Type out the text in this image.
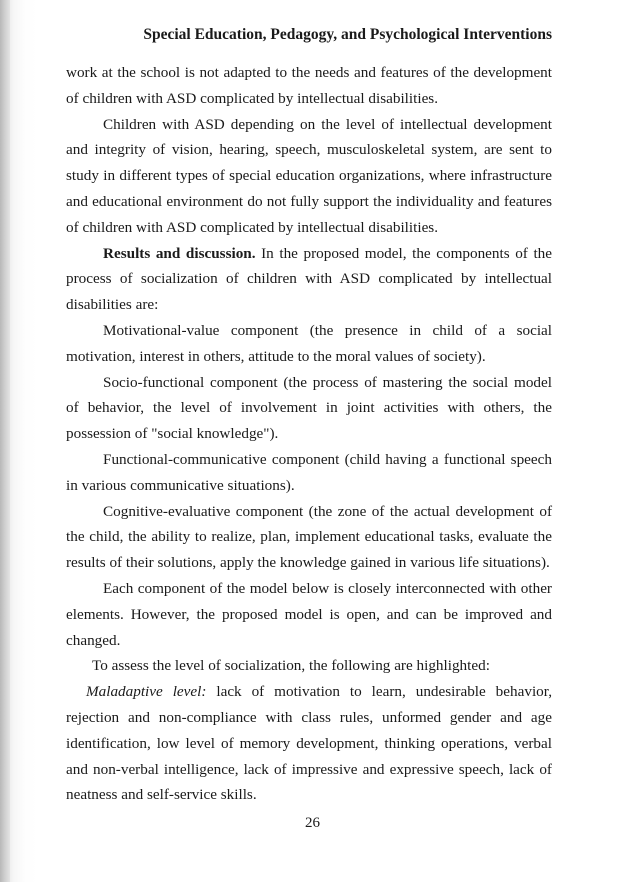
Special Education, Pedagogy, and Psychological Interventions

work at the school is not adapted to the needs and features of the development of children with ASD complicated by intellectual disabilities.

Children with ASD depending on the level of intellectual development and integrity of vision, hearing, speech, musculoskeletal system, are sent to study in different types of special education organizations, where infrastructure and educational environment do not fully support the individuality and features of children with ASD complicated by intellectual disabilities.

Results and discussion. In the proposed model, the components of the process of socialization of children with ASD complicated by intellectual disabilities are:

Motivational-value component (the presence in child of a social motivation, interest in others, attitude to the moral values of society).

Socio-functional component (the process of mastering the social model of behavior, the level of involvement in joint activities with others, the possession of "social knowledge").

Functional-communicative component (child having a functional speech in various communicative situations).

Cognitive-evaluative component (the zone of the actual development of the child, the ability to realize, plan, implement educational tasks, evaluate the results of their solutions, apply the knowledge gained in various life situations).

Each component of the model below is closely interconnected with other elements. However, the proposed model is open, and can be improved and changed.

To assess the level of socialization, the following are highlighted:

Maladaptive level: lack of motivation to learn, undesirable behavior, rejection and non-compliance with class rules, unformed gender and age identification, low level of memory development, thinking operations, verbal and non-verbal intelligence, lack of impressive and expressive speech, lack of neatness and self-service skills.

26
